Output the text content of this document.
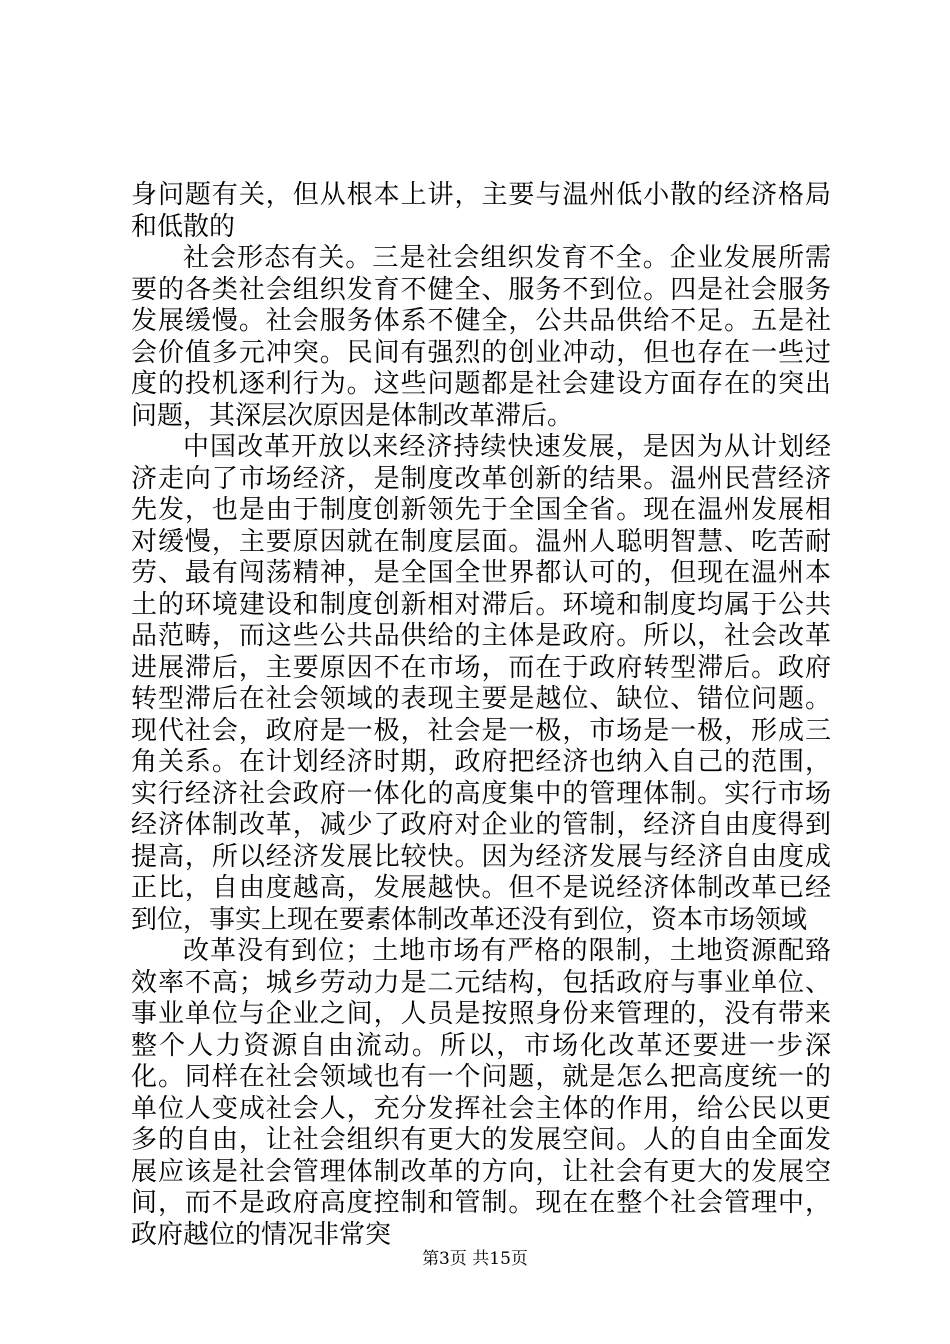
身问题有关，但从根本上讲，主要与温州低小散的经济格局和低散的

社会形态有关。三是社会组织发育不全。企业发展所需要的各类社会组织发育不健全、服务不到位。四是社会服务发展缓慢。社会服务体系不健全，公共品供给不足。五是社会价值多元冲突。民间有强烈的创业冲动，但也存在一些过度的投机逐利行为。这些问题都是社会建设方面存在的突出问题，其深层次原因是体制改革滞后。

中国改革开放以来经济持续快速发展，是因为从计划经济走向了市场经济，是制度改革创新的结果。温州民营经济先发，也是由于制度创新领先于全国全省。现在温州发展相对缓慢，主要原因就在制度层面。温州人聪明智慧、吃苦耐劳、最有闯荡精神，是全国全世界都认可的，但现在温州本土的环境建设和制度创新相对滞后。环境和制度均属于公共品范畴，而这些公共品供给的主体是政府。所以，社会改革进展滞后，主要原因不在市场，而在于政府转型滞后。政府转型滞后在社会领域的表现主要是越位、缺位、错位问题。现代社会，政府是一极，社会是一极，市场是一极，形成三角关系。在计划经济时期，政府把经济也纳入自己的范围，实行经济社会政府一体化的高度集中的管理体制。实行市场经济体制改革，减少了政府对企业的管制，经济自由度得到提高，所以经济发展比较快。因为经济发展与经济自由度成正比，自由度越高，发展越快。但不是说经济体制改革已经到位，事实上现在要素体制改革还没有到位，资本市场领域

改革没有到位；土地市场有严格的限制，土地资源配臵效率不高；城乡劳动力是二元结构，包括政府与事业单位、事业单位与企业之间，人员是按照身份来管理的，没有带来整个人力资源自由流动。所以，市场化改革还要进一步深化。同样在社会领域也有一个问题，就是怎么把高度统一的单位人变成社会人，充分发挥社会主体的作用，给公民以更多的自由，让社会组织有更大的发展空间。人的自由全面发展应该是社会管理体制改革的方向，让社会有更大的发展空间，而不是政府高度控制和管制。现在在整个社会管理中，政府越位的情况非常突

第3页 共15页
